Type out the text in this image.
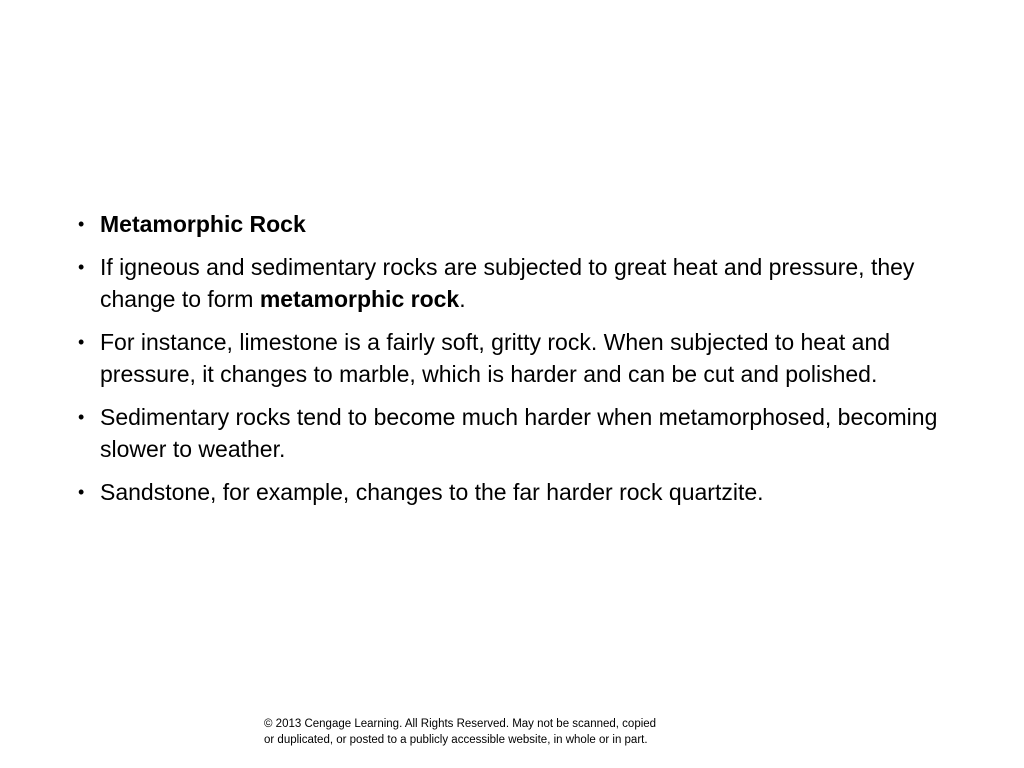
• Metamorphic Rock
• If igneous and sedimentary rocks are subjected to great heat and pressure, they change to form metamorphic rock.
• For instance, limestone is a fairly soft, gritty rock. When subjected to heat and pressure, it changes to marble, which is harder and can be cut and polished.
• Sedimentary rocks tend to become much harder when metamorphosed, becoming slower to weather.
• Sandstone, for example, changes to the far harder rock quartzite.
© 2013 Cengage Learning. All Rights Reserved. May not be scanned, copied
or duplicated, or posted to a publicly accessible website, in whole or in part.
